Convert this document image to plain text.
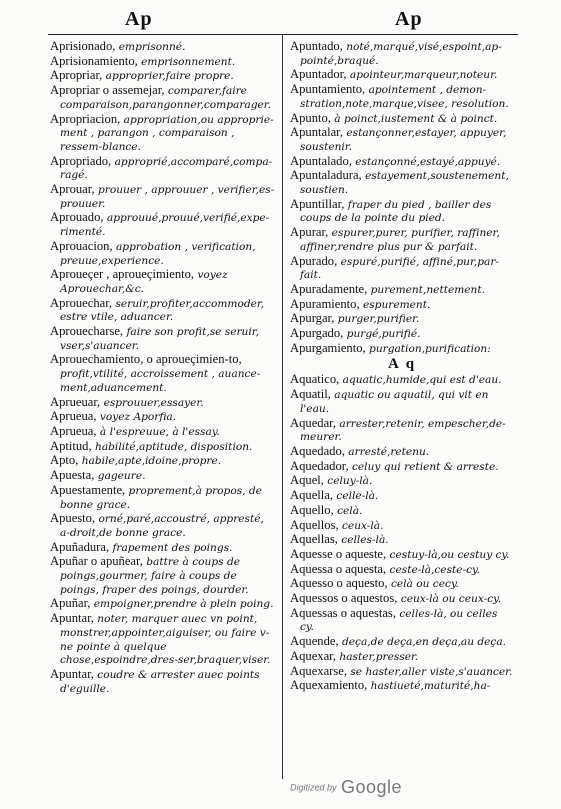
Ap	Ap
Aprisionado, emprisonné.
Aprisionamiento, emprisonnement.
Apropriar, approprier,faire propre.
Apropriar o assemejar, comparer,faire comparaison,parangonner,comparager.
Apropriacion, appropriation,ou approprie-ment , parangon , comparaison , ressem-blance.
Apropriado, approprié,accomparé,compa-ragé.
Aprouar, prouuer , approuuer , verifier,es-prouuer.
Aprouado, approuué,prouué,verifié,expe-rimenté.
Aprouacion, approbation , verification, preuue,experience.
Aproueçer , aproueçimiento, voyez Aprouechar,&c.
Aprouechar, seruir,profiter,accommoder, estre vtile, aduancer.
Aprouecharse, faire son profit,se seruir, vser,s'auancer.
Aprouechamiento, o aproueçimien-to, profit,vtilité, accroissement , auance-ment,aduancement.
Aprueuar, esprouuer,essayer.
Aprueua, voyez Aporfia.
Aprueua, à l'espreuue, à l'essay.
Aptitud, habilité,aptitude, disposition.
Apto, habile,apte,idoine,propre.
Apuesta, gageure.
Apuestamente, proprement,à propos, de bonne grace.
Apuesto, orné,paré,accoustré, appresté, a-droit,de bonne grace.
Apuñadura, frapement des poings.
Apuñar o apuñear, battre à coups de poings,gourmer, faire à coups de poings, fraper des poings, dourder.
Apuñar, empoigner,prendre à plein poing.
Apuntar, noter, marquer auec vn point, monstrer,appointer,aiguiser, ou faire v-ne pointe à quelque chose,espoindre,dres-ser,braquer,viser.
Apuntar, coudre & arrester auec points d'eguille.
Apuntado, noté,marqué,visé,espoint,ap-pointé,braqué.
Apuntador, apointeur,marqueur,noteur.
Apuntamiento, apointement , demon-stration,note,marque,visee, resolution.
Apunto, à poinct,iustement & à poinct.
Apuntalar, estançonner,estayer, appuyer, soustenir.
Apuntalado, estançonné,estayé,appuyé.
Apuntaladura, estayement,soustenement, soustien.
Apuntillar, fraper du pied , bailler des coups de la pointe du pied.
Apurar, espurer,purer, purifier, raffiner, affiner,rendre plus pur & parfait.
Apurado, espuré,purifié, affiné,pur,par-fait.
Apuradamente, purement,nettement.
Apuramiento, espurement.
Apurgar, purger,purifier.
Apurgado, purgé,purifié.
Apurgamiento, purgation,purification:
A q
Aquatico, aquatic,humide,qui est d'eau.
Aquatil, aquatic ou aquatil, qui vit en l'eau.
Aquedar, arrester,retenir, empescher,de-meurer.
Aquedado, arresté,retenu.
Aquedador, celuy qui retient & arreste.
Aquel, celuy-là.
Aquella, celle-là.
Aquello, celà.
Aquellos, ceux-là.
Aquellas, celles-là.
Aquesse o aqueste, cestuy-là,ou cestuy cy.
Aquessa o aquesta, ceste-là,ceste-cy.
Aquesso o aquesto, celà ou cecy.
Aquessos o aquestos, ceux-là ou ceux-cy.
Aquessas o aquestas, celles-là, ou celles cy.
Aquende, deça,de deça,en deça,au deça.
Aquexar, haster,presser.
Aquexarse, se haster,aller viste,s'auancer.
Aquexamiento, hastiueté,maturité,ha-
Digitized by Google
